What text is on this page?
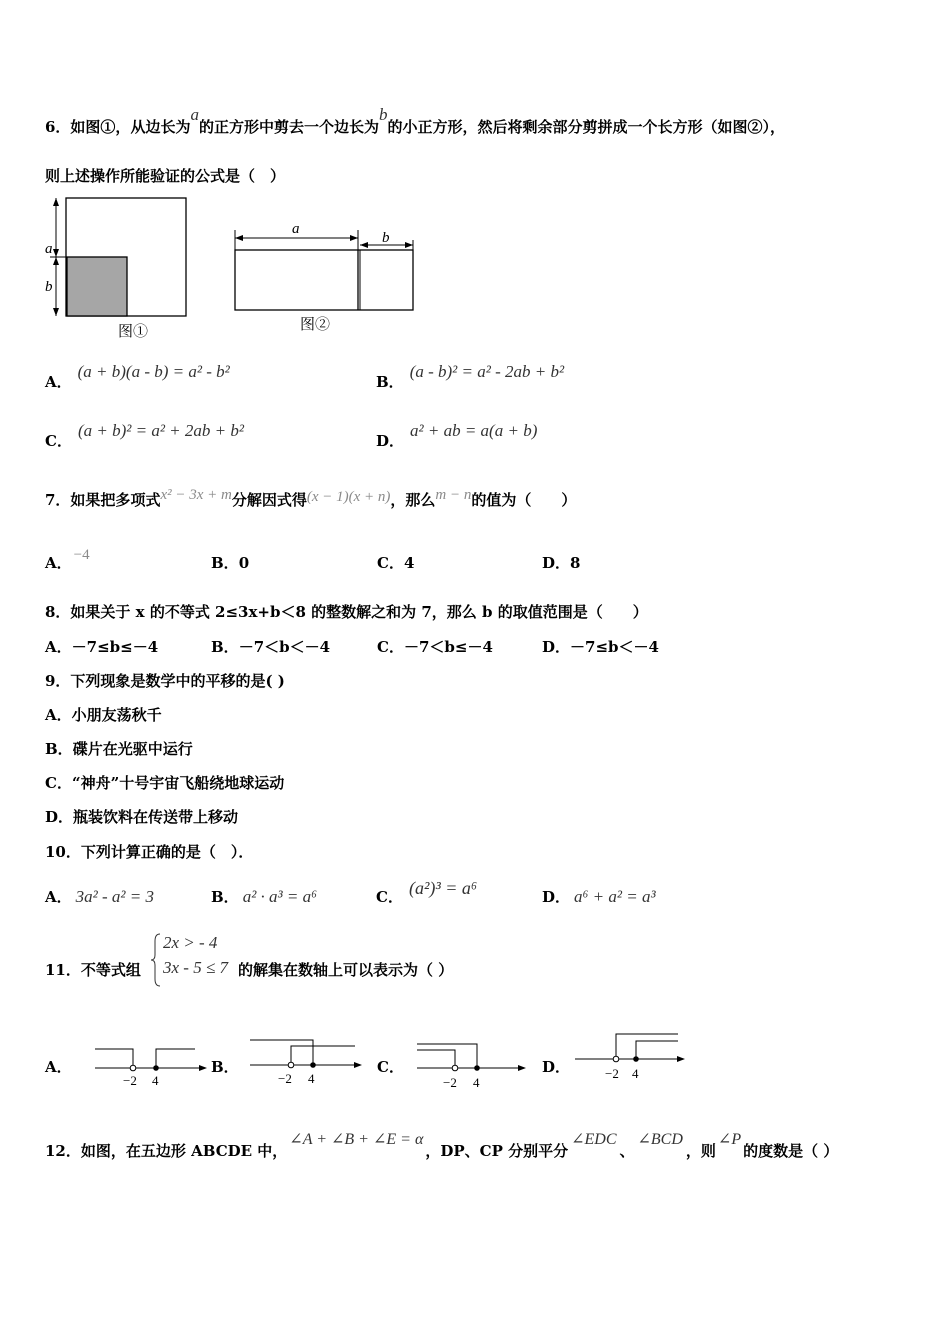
6．如图①，从边长为a的正方形中剪去一个边长为b的小正方形，然后将剩余部分剪拼成一个长方形（如图②），
则上述操作所能验证的公式是（　）
a
b
图①
a
b
图②
A．(a + b)(a - b) = a² - b²
B．(a - b)² = a² - 2ab + b²
C．(a + b)² = a² + 2ab + b²
D．a² + ab = a(a + b)
7．如果把多项式x² − 3x + m分解因式得(x − 1)(x + n)，那么m − n的值为（　　）
A． −4	B．0	C．4	D．8
8．如果关于 x 的不等式 2≤3x+b＜8 的整数解之和为 7，那么 b 的取值范围是（　　）
A．－7≤b≤－4	B．－7＜b＜－4	C．－7＜b≤－4	D．－7≤b＜－4
9．下列现象是数学中的平移的是( )
A．小朋友荡秋千
B．碟片在光驱中运行
C．“神舟”十号宇宙飞船绕地球运动
D．瓶装饮料在传送带上移动
10．下列计算正确的是（　）．
A． 3a² - a² = 3	B． a² · a³ = a⁶	C． (a²)³ = a⁶	D． a⁶ + a² = a³
11．不等式组
2x > - 4
3x - 5 ≤ 7 的解集在数轴上可以表示为（ ）
A．
−2 4
B．
−2 4
C．
−2 4
D．	−2 4
12．如图，在五边形 ABCDE 中，∠A + ∠B + ∠E = α，DP、CP 分别平分∠EDC、∠BCD，则∠P的度数是（ ）
